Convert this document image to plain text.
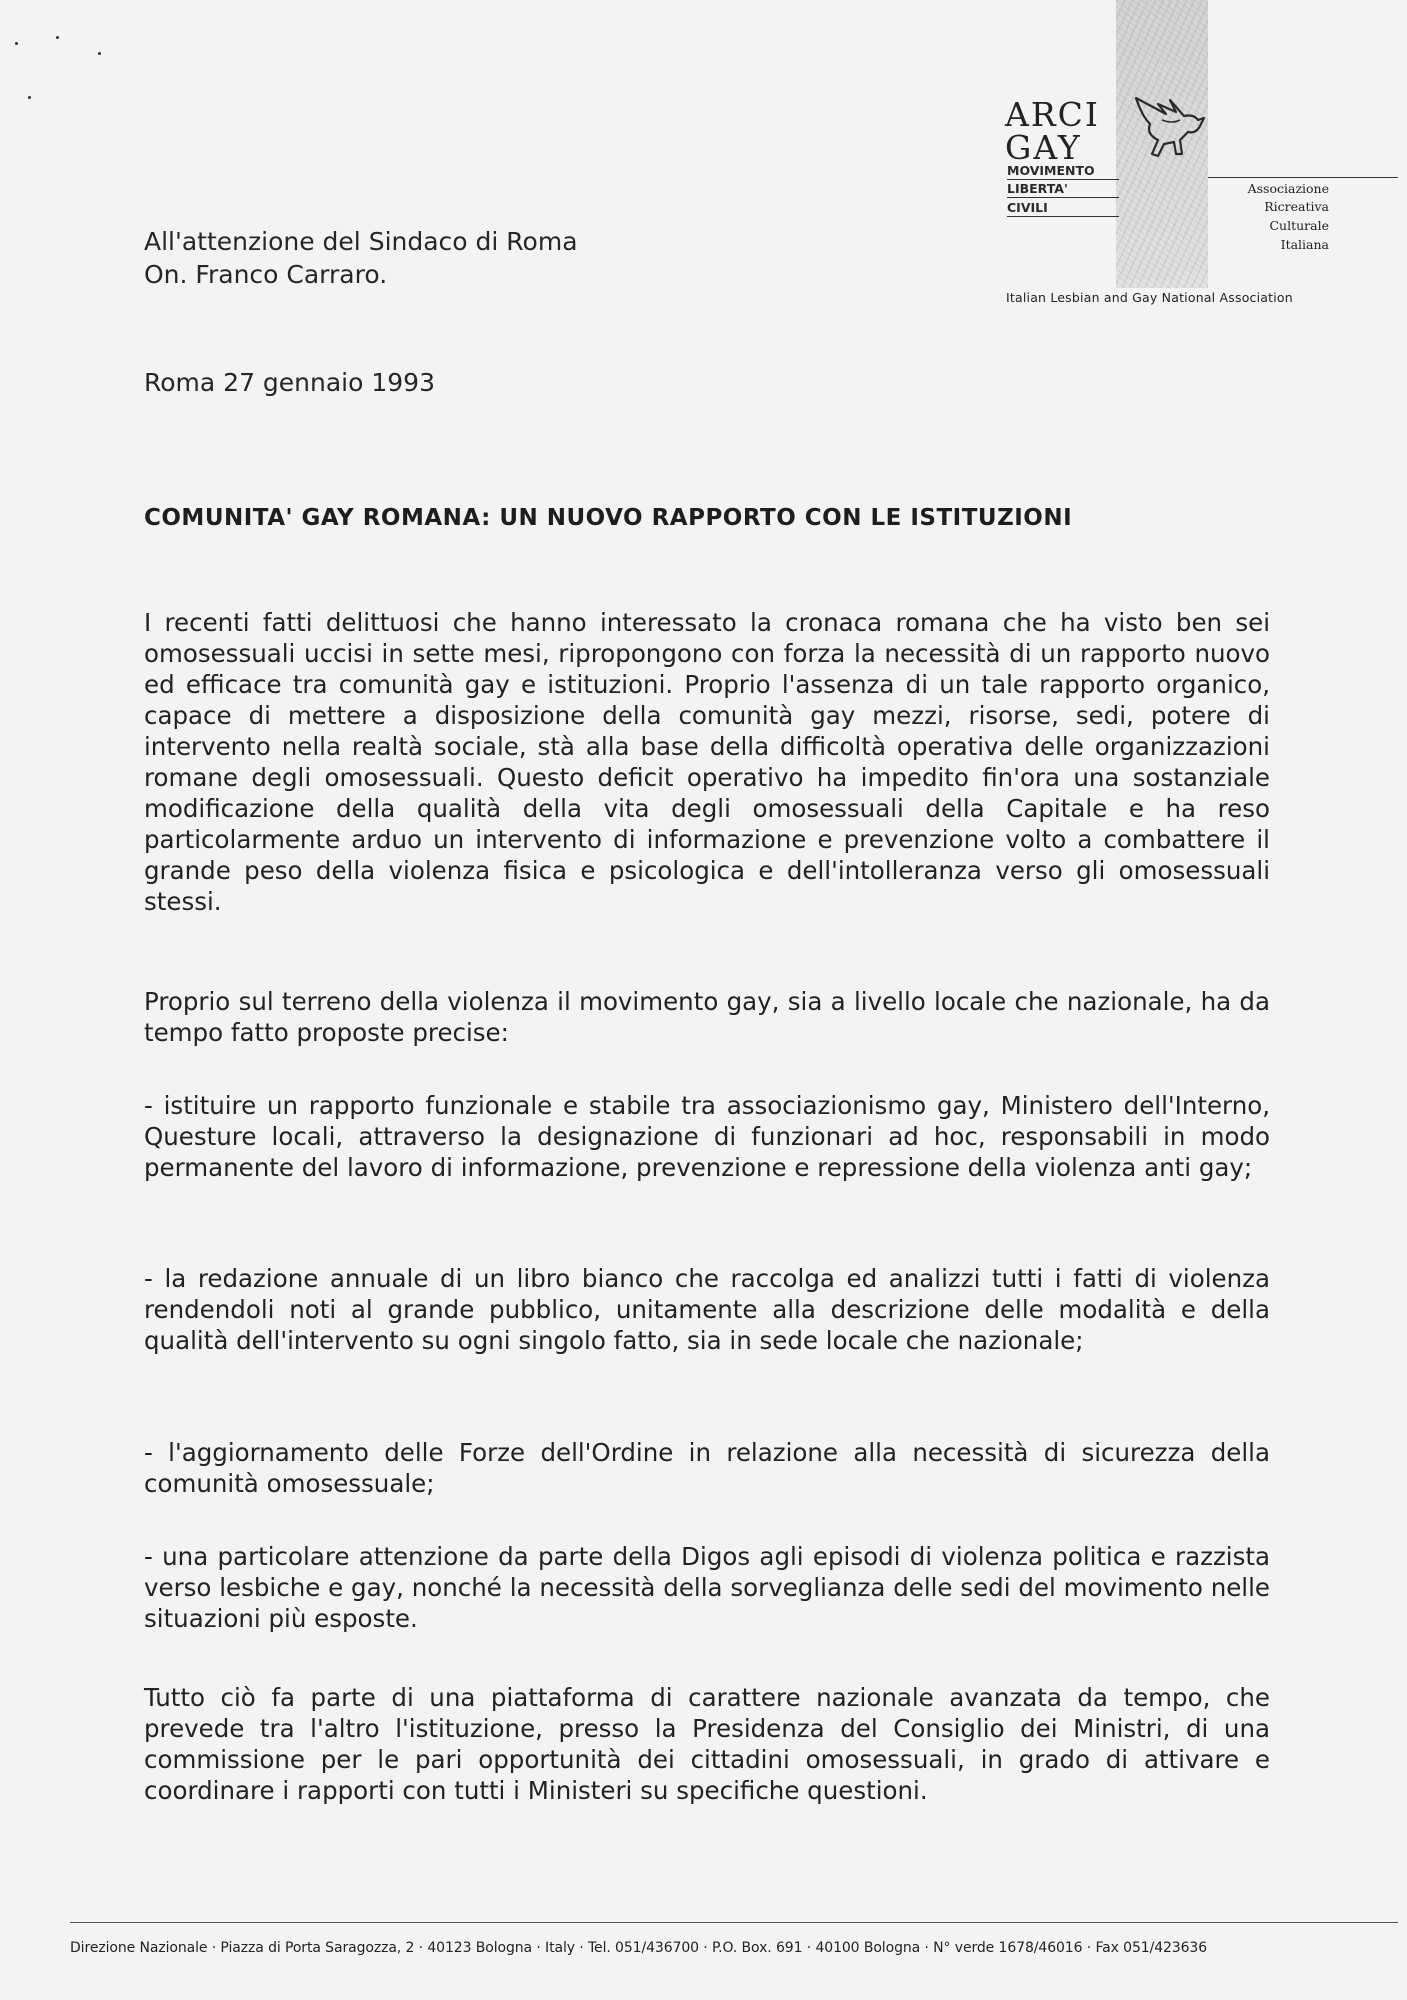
ARCI
GAY
MOVIMENTO
LIBERTA'
CIVILI
Associazione
Ricreativa
Culturale
Italiana
Italian Lesbian and Gay National Association
All'attenzione del Sindaco di Roma
On. Franco Carraro.
Roma 27 gennaio 1993
COMUNITA' GAY ROMANA: UN NUOVO RAPPORTO CON LE ISTITUZIONI

I recenti fatti delittuosi che hanno interessato la cronaca romana che ha visto ben sei omosessuali uccisi in sette mesi, ripropongono con forza la necessità di un rapporto nuovo ed efficace tra comunità gay e istituzioni. Proprio l'assenza di un tale rapporto organico, capace di mettere a disposizione della comunità gay mezzi, risorse, sedi, potere di intervento nella realtà sociale, stà alla base della difficoltà operativa delle organizzazioni romane degli omosessuali. Questo deficit operativo ha impedito fin'ora una sostanziale modificazione della qualità della vita degli omosessuali della Capitale e ha reso particolarmente arduo un intervento di informazione e prevenzione volto a combattere il grande peso della violenza fisica e psicologica e dell'intolleranza verso gli omosessuali stessi.

Proprio sul terreno della violenza il movimento gay, sia a livello locale che nazionale, ha da tempo fatto proposte precise:

- istituire un rapporto funzionale e stabile tra associazionismo gay, Ministero dell'Interno, Questure locali, attraverso la designazione di funzionari ad hoc, responsabili in modo permanente del lavoro di informazione, prevenzione e repressione della violenza anti gay;

- la redazione annuale di un libro bianco che raccolga ed analizzi tutti i fatti di violenza rendendoli noti al grande pubblico, unitamente alla descrizione delle modalità e della qualità dell'intervento su ogni singolo fatto, sia in sede locale che nazionale;

- l'aggiornamento delle Forze dell'Ordine in relazione alla necessità di sicurezza della comunità omosessuale;

- una particolare attenzione da parte della Digos agli episodi di violenza politica e razzista verso lesbiche e gay, nonché la necessità della sorveglianza delle sedi del movimento nelle situazioni più esposte.

Tutto ciò fa parte di una piattaforma di carattere nazionale avanzata da tempo, che prevede tra l'altro l'istituzione, presso la Presidenza del Consiglio dei Ministri, di una commissione per le pari opportunità dei cittadini omosessuali, in grado di attivare e coordinare i rapporti con tutti i Ministeri su specifiche questioni.

Direzione Nazionale · Piazza di Porta Saragozza, 2 · 40123 Bologna · Italy · Tel. 051/436700 · P.O. Box. 691 · 40100 Bologna · N° verde 1678/46016 · Fax 051/423636
